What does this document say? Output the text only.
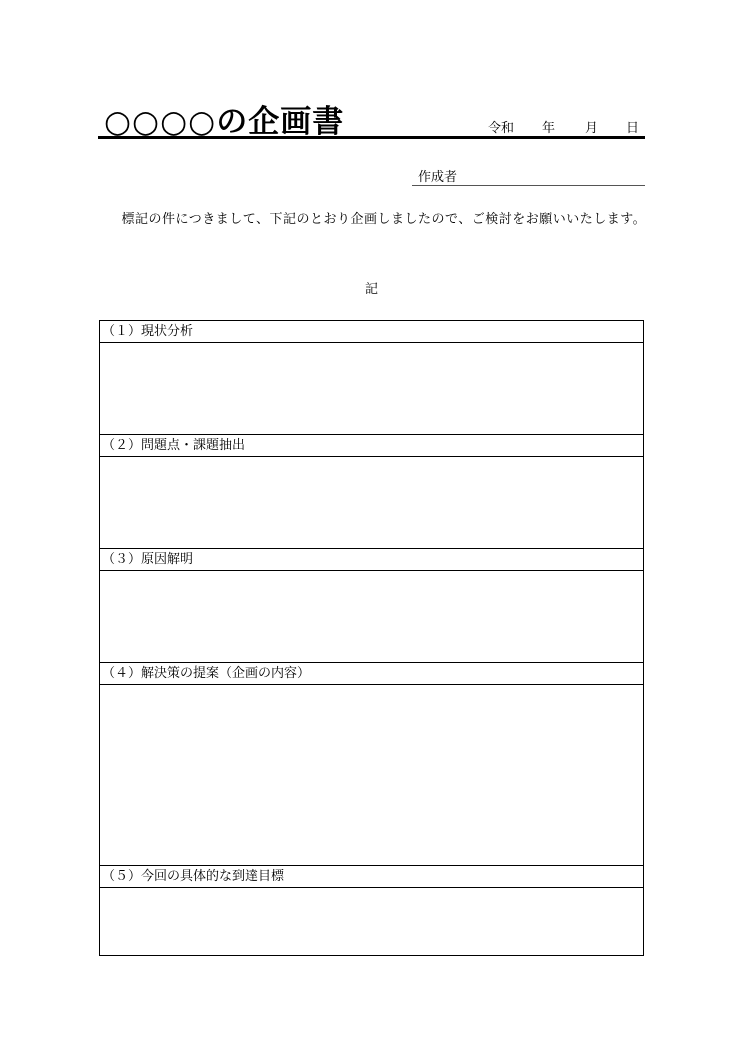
○○○○の企画書	令和 年 月 日
作成者
　標記の件につきまして、下記のとおり企画しましたので、ご検討をお願いいたします。
記
（１）現状分析
（２）問題点・課題抽出
（３）原因解明
（４）解決策の提案（企画の内容）
（５）今回の具体的な到達目標
